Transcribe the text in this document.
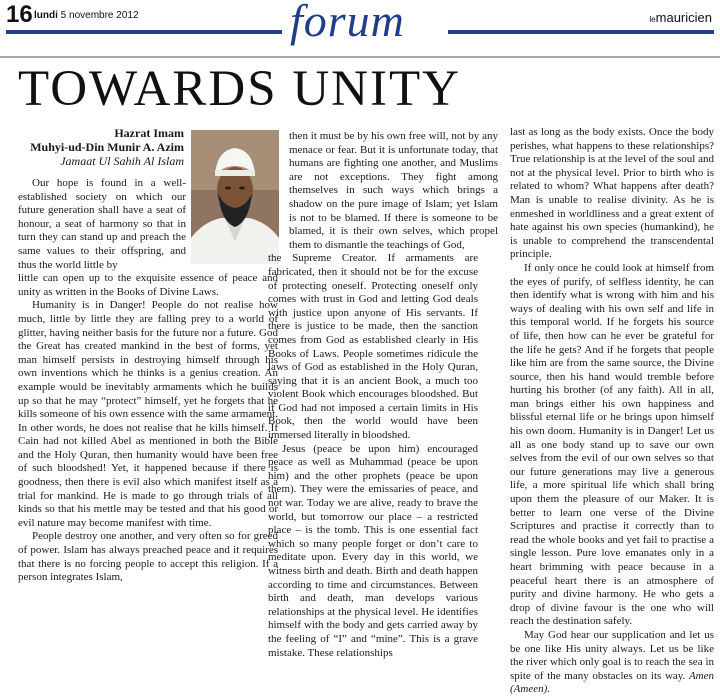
16 lundi 5 novembre 2012	forum	lemauricien
TOWARDS UNITY
Hazrat Imam
Muhyi-ud-Din Munir A. Azim
Jamaat Ul Sahih Al Islam

Our hope is found in a well-established society on which our future generation shall have a seat of honour, a seat of harmony so that in turn they can stand up and preach the same values to their offspring, and thus the world little by

little can open up to the exquisite essence of peace and unity as written in the Books of Divine Laws.

Humanity is in Danger! People do not realise how much, little by little they are falling prey to a world of glitter, having neither basis for the future nor a future. God the Great has created mankind in the best of forms, yet man himself persists in destroying himself through his own inventions which he thinks is a genius creation. An example would be inevitably armaments which he builds up so that he may “protect” himself, yet he forgets that he kills someone of his own essence with the same armament. In other words, he does not realise that he kills himself. If Cain had not killed Abel as mentioned in both the Bible and the Holy Quran, then humanity would have been free of such bloodshed! Yet, it happened because if there is goodness, then there is evil also which manifest itself as a trial for mankind. He is made to go through trials of all kinds so that his mettle may be tested and that his good or evil nature may become manifest with time.

People destroy one another, and very often so for greed of power. Islam has always preached peace and it requires that there is no forcing people to accept this religion. If a person integrates Islam,

then it must be by his own free will, not by any menace or fear. But it is unfortunate today, that humans are fighting one another, and Muslims are not exceptions. They fight among themselves in such ways which brings a shadow on the pure image of Islam; yet Islam is not to be blamed. If there is someone to be blamed, it is their own selves, which propel them to dismantle the teachings of God,

the Supreme Creator. If armaments are fabricated, then it should not be for the excuse of protecting oneself. Protecting oneself only comes with trust in God and letting God deals with justice upon anyone of His servants. If there is justice to be made, then the sanction comes from God as established clearly in His Books of Laws. People sometimes ridicule the laws of God as established in the Holy Quran, saying that it is an ancient Book, a much too violent Book which encourages bloodshed. But if God had not imposed a certain limits in His Book, then the world would have been immersed literally in bloodshed.

Jesus (peace be upon him) encouraged peace as well as Muhammad (peace be upon him) and the other prophets (peace be upon them). They were the emissaries of peace, and not war. Today we are alive, ready to brave the world, but tomorrow our place – a restricted place – is the tomb. This is one essential fact which so many people forget or don’t care to meditate upon. Every day in this world, we witness birth and death. Birth and death happen according to time and circumstances. Between birth and death, man develops various relationships at the physical level. He identifies himself with the body and gets carried away by the feeling of “I” and “mine”. This is a grave mistake. These relationships

last as long as the body exists. Once the body perishes, what happens to these relationships? True relationship is at the level of the soul and not at the physical level. Prior to birth who is related to whom? What happens after death? Man is unable to realise divinity. As he is enmeshed in worldliness and a great extent of hate against his own species (humankind), he is unable to comprehend the transcendental principle.

If only once he could look at himself from the eyes of purify, of selfless identity, he can then identify what is wrong with him and his ways of dealing with his own self and life in this temporal world. If he forgets his source of life, then how can he ever be grateful for the life he gets? And if he forgets that people like him are from the same source, the Divine source, then his hand would tremble before hurting his brother (of any faith). All in all, man brings either his own happiness and blissful eternal life or he brings upon himself his own doom. Humanity is in Danger! Let us all as one body stand up to save our own selves from the evil of our own selves so that our future generations may live a generous life, a more spiritual life which shall bring upon them the pleasure of our Maker. It is better to learn one verse of the Divine Scriptures and practise it correctly than to read the whole books and yet fail to practise a single lesson. Pure love emanates only in a heart brimming with peace because in a peaceful heart there is an atmosphere of purity and divine harmony. He who gets a drop of divine favour is the one who will reach the destination safely.

May God hear our supplication and let us be one like His unity always. Let us be like the river which only goal is to reach the sea in spite of the many obstacles on its way. Amen (Ameen).
